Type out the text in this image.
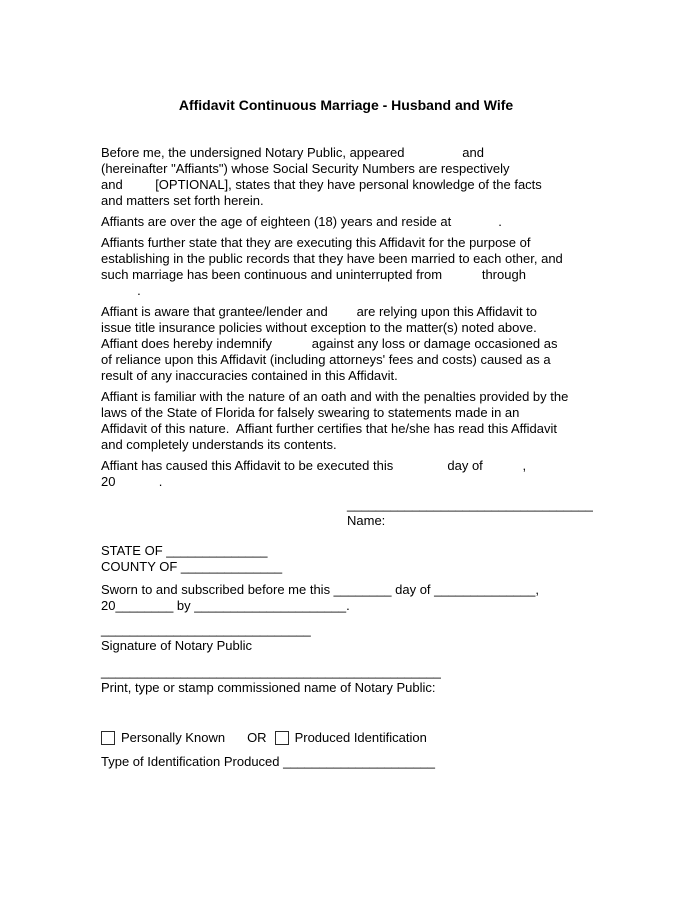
Affidavit Continuous Marriage - Husband and Wife
Before me, the undersigned Notary Public, appeared                and
(hereinafter "Affiants") whose Social Security Numbers are respectively
and         [OPTIONAL], states that they have personal knowledge of the facts
and matters set forth herein.
Affiants are over the age of eighteen (18) years and reside at             .
Affiants further state that they are executing this Affidavit for the purpose of
establishing in the public records that they have been married to each other, and
such marriage has been continuous and uninterrupted from           through
.
Affiant is aware that grantee/lender and        are relying upon this Affidavit to
issue title insurance policies without exception to the matter(s) noted above.
Affiant does hereby indemnify           against any loss or damage occasioned as
of reliance upon this Affidavit (including attorneys' fees and costs) caused as a
result of any inaccuracies contained in this Affidavit.
Affiant is familiar with the nature of an oath and with the penalties provided by the
laws of the State of Florida for falsely swearing to statements made in an
Affidavit of this nature.  Affiant further certifies that he/she has read this Affidavit
and completely understands its contents.
Affiant has caused this Affidavit to be executed this               day of           ,
20            .
__________________________________
Name:
STATE OF ______________
COUNTY OF ______________
Sworn to and subscribed before me this ________ day of ______________,
20________ by _____________________.
_____________________________
Signature of Notary Public
_______________________________________________
Print, type or stamp commissioned name of Notary Public:
Personally Known OR Produced Identification
Type of Identification Produced _____________________
